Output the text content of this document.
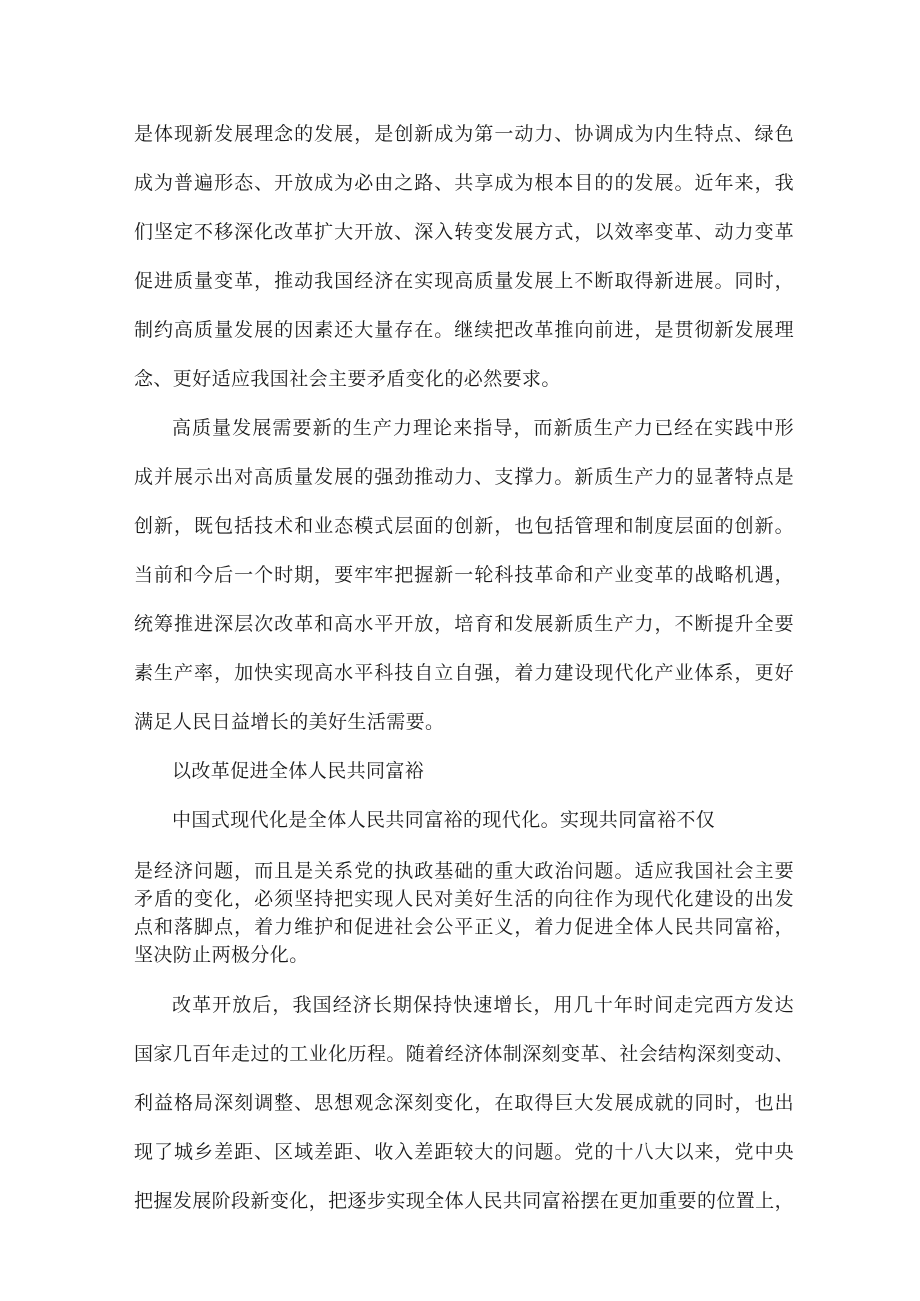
是体现新发展理念的发展，是创新成为第一动力、协调成为内生特点、绿色

成为普遍形态、开放成为必由之路、共享成为根本目的的发展。近年来，我

们坚定不移深化改革扩大开放、深入转变发展方式，以效率变革、动力变革

促进质量变革，推动我国经济在实现高质量发展上不断取得新进展。同时，

制约高质量发展的因素还大量存在。继续把改革推向前进，是贯彻新发展理

念、更好适应我国社会主要矛盾变化的必然要求。

高质量发展需要新的生产力理论来指导，而新质生产力已经在实践中形

成并展示出对高质量发展的强劲推动力、支撑力。新质生产力的显著特点是

创新，既包括技术和业态模式层面的创新，也包括管理和制度层面的创新。

当前和今后一个时期，要牢牢把握新一轮科技革命和产业变革的战略机遇，

统筹推进深层次改革和高水平开放，培育和发展新质生产力，不断提升全要

素生产率，加快实现高水平科技自立自强，着力建设现代化产业体系，更好

满足人民日益增长的美好生活需要。

以改革促进全体人民共同富裕

中国式现代化是全体人民共同富裕的现代化。实现共同富裕不仅

是经济问题，而且是关系党的执政基础的重大政治问题。适应我国社会主要

矛盾的变化，必须坚持把实现人民对美好生活的向往作为现代化建设的出发

点和落脚点，着力维护和促进社会公平正义，着力促进全体人民共同富裕，

坚决防止两极分化。

改革开放后，我国经济长期保持快速增长，用几十年时间走完西方发达

国家几百年走过的工业化历程。随着经济体制深刻变革、社会结构深刻变动、

利益格局深刻调整、思想观念深刻变化，在取得巨大发展成就的同时，也出

现了城乡差距、区域差距、收入差距较大的问题。党的十八大以来，党中央

把握发展阶段新变化，把逐步实现全体人民共同富裕摆在更加重要的位置上，
